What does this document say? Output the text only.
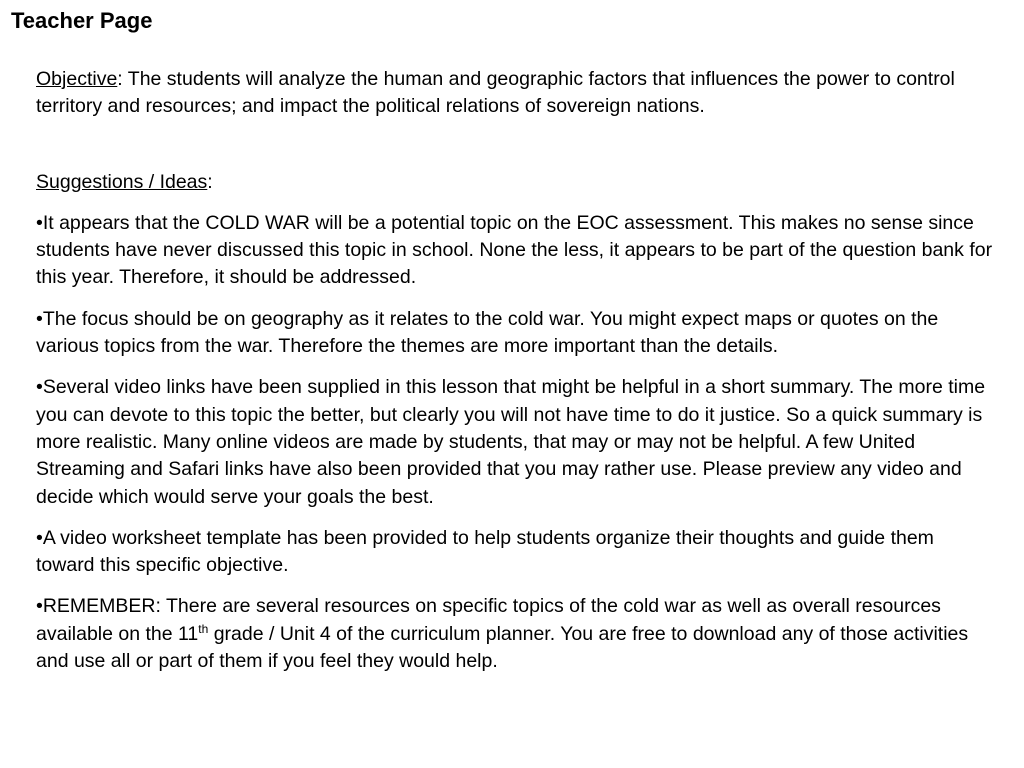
Teacher Page

Objective: The students will analyze the human and geographic factors that influences the power to control territory and resources; and impact the political relations of sovereign nations.

Suggestions / Ideas:

•It appears that the COLD WAR will be a potential topic on the EOC assessment. This makes no sense since students have never discussed this topic in school. None the less, it appears to be part of the question bank for this year. Therefore, it should be addressed.

•The focus should be on geography as it relates to the cold war. You might expect maps or quotes on the various topics from the war. Therefore the themes are more important than the details.

•Several video links have been supplied in this lesson that might be helpful in a short summary. The more time you can devote to this topic the better, but clearly you will not have time to do it justice. So a quick summary is more realistic. Many online videos are made by students, that may or may not be helpful. A few United Streaming and Safari links have also been provided that you may rather use. Please preview any video and decide which would serve your goals the best.

•A video worksheet template has been provided to help students organize their thoughts and guide them toward this specific objective.

•REMEMBER: There are several resources on specific topics of the cold war as well as overall resources available on the 11th grade / Unit 4 of the curriculum planner. You are free to download any of those activities and use all or part of them if you feel they would help.
